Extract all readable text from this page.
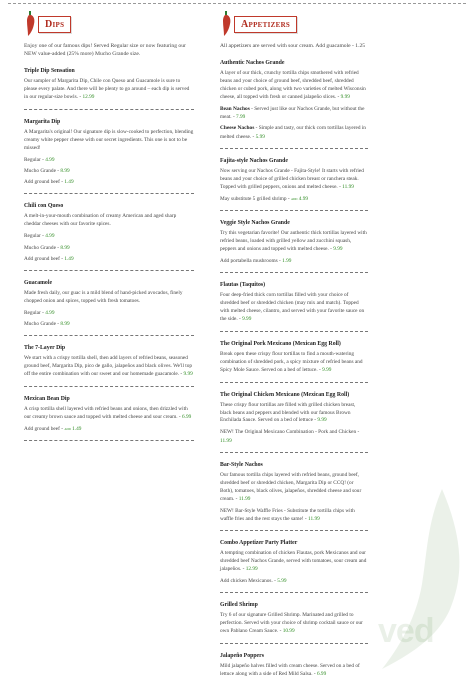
ved
Dips
Enjoy one of our famous dips! Served Regular size or now featuring our NEW value-added (25% more) Mucho Grande size.
Triple Dip Sensation
Our sampler of Margarita Dip, Chile con Queso and Guacamole is sure to please every palate. And there will be plenty to go around – each dip is served in our regular-size bowls. - 12.99
Margarita Dip
A Margarita's original! Our signature dip is slow-cooked to perfection, blending creamy white pepper cheese with our secret ingredients. This one is not to be missed!
Regular - 4.99
Mucho Grande - 8.99
Add ground beef - 1.49
Chili con Queso
A melt-in-your-mouth combination of creamy American and aged sharp cheddar cheeses with our favorite spices.
Regular - 4.99
Mucho Grande - 8.99
Add ground beef - 1.49
Guacamole
Made fresh daily, our guac is a mild blend of hand-picked avocados, finely chopped onion and spices, topped with fresh tomatoes.
Regular - 4.99
Mucho Grande - 8.99
The 7-Layer Dip
We start with a crispy tortilla shell, then add layers of refried beans, seasoned ground beef, Margarita Dip, pico de gallo, jalapeños and black olives. We'll top off the entire combination with our sweet and our homemade guacamole. - 9.99
Mexican Bean Dip
A crisp tortilla shell layered with refried beans and onions, then drizzled with our creamy brown sauce and topped with melted cheese and sour cream. - 6.99
Add ground beef - add 1.49
Appetizers
All appetizers are served with sour cream. Add guacamole - 1.25
Authentic Nachos Grande
A layer of our thick, crunchy tortilla chips smothered with refried beans and your choice of ground beef, shredded beef, shredded chicken or cubed pork, along with two varieties of melted Wisconsin cheese, all topped with fresh or canned jalapeño slices. - 9.99
Bean Nachos - Served just like our Nachos Grande, but without the meat. - 7.99
Cheese Nachos - Simple and tasty, our thick corn tortillas layered in melted cheese. - 5.99
Fajita-style Nachos Grande
Now serving our Nachos Grande - Fajita-Style! It starts with refried beans and your choice of grilled chicken breast or ranchera steak. Topped with grilled peppers, onions and melted cheese. - 11.99
May substitute 5 grilled shrimp - add 4.99
Veggie Style Nachos Grande
Try this vegetarian favorite! Our authentic thick tortillas layered with refried beans, loaded with grilled yellow and zucchini squash, peppers and onions and topped with melted cheese. - 9.99
Add portabella mushrooms - 1.99
Flautas (Taquitos)
Four deep-fried thick corn tortillas filled with your choice of shredded beef or shredded chicken (may mix and match). Topped with melted cheese, cilantro, and served with your favorite sauce on the side. - 9.99
The Original Pork Mexicano (Mexican Egg Roll)
Break open these crispy flour tortillas to find a mouth-watering combination of shredded pork, a spicy mixture of refried beans and Spicy Mole Sauce. Served on a bed of lettuce. - 9.99
The Original Chicken Mexicano (Mexican Egg Roll)
These crispy flour tortillas are filled with grilled chicken breast, black beans and peppers and blended with our famous Brown Enchilada Sauce. Served on a bed of lettuce - 9.99
NEW! The Original Mexicano Combination - Pork and Chicken - 11.99
Bar-Style Nachos
Our famous tortilla chips layered with refried beans, ground beef, shredded beef or shredded chicken, Margarita Dip or CCQ! (or Both), tomatoes, black olives, jalapeños, shredded cheese and sour cream. - 11.99
NEW! Bar-Style Waffle Fries - Substitute the tortilla chips with waffle fries and the rest stays the same! - 11.99
Combo Appetizer Party Platter
A tempting combination of chicken Flautas, pork Mexicanos and our shredded beef Nachos Grande, served with tomatoes, sour cream and jalapeños. - 12.99
Add chicken Mexicanos. - 5.99
Grilled Shrimp
Try 6 of our signature Grilled Shrimp. Marinated and grilled to perfection. Served with your choice of shrimp cocktail sauce or our own Pablano Cream Sauce. - 10.99
Jalapeño Poppers
Mild jalapeño halves filled with cream cheese. Served on a bed of lettuce along with a side of Red Mild Salsa. - 6.99
